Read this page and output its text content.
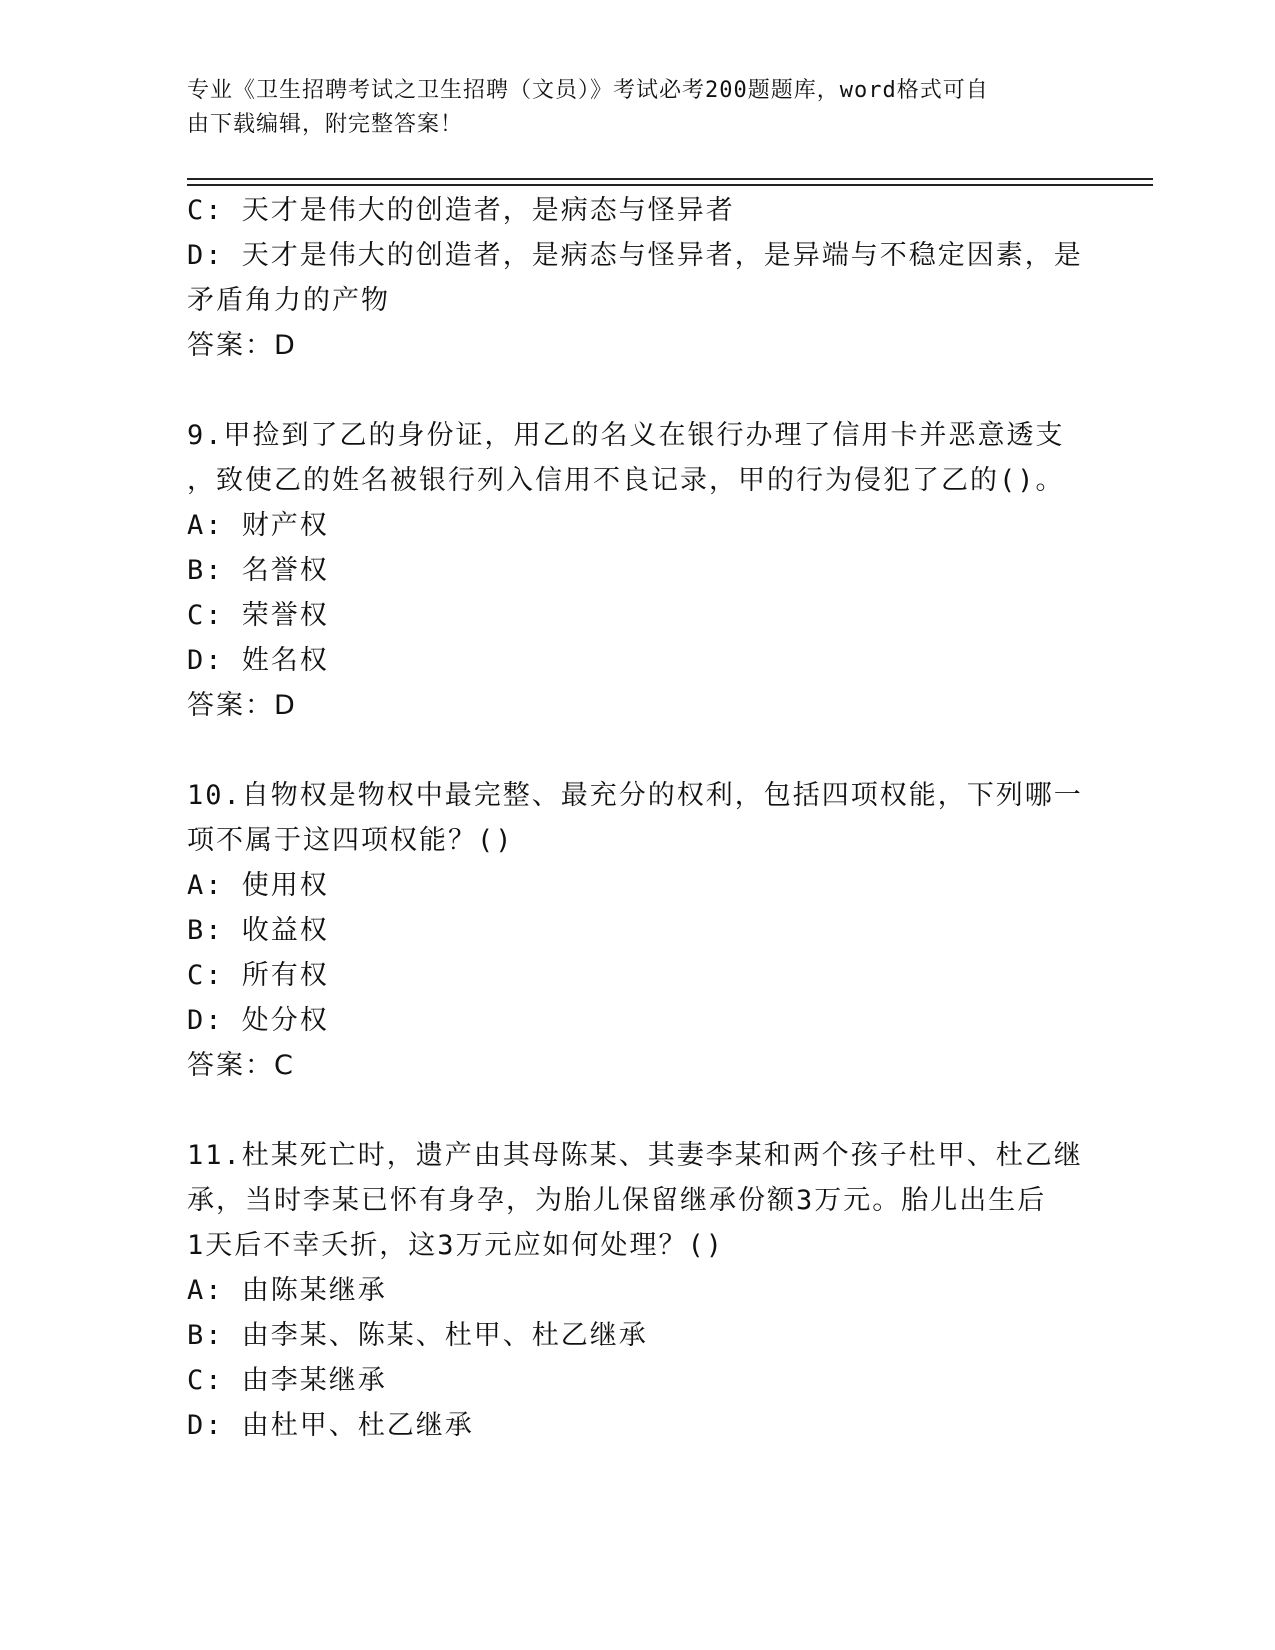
专业《卫生招聘考试之卫生招聘（文员）》考试必考200题题库，word格式可自
由下载编辑，附完整答案！
C: 天才是伟大的创造者，是病态与怪异者
D: 天才是伟大的创造者，是病态与怪异者，是异端与不稳定因素，是
矛盾角力的产物
答案：D
9.甲捡到了乙的身份证，用乙的名义在银行办理了信用卡并恶意透支
，致使乙的姓名被银行列入信用不良记录，甲的行为侵犯了乙的()。
A: 财产权
B: 名誉权
C: 荣誉权
D: 姓名权
答案：D
10.自物权是物权中最完整、最充分的权利，包括四项权能，下列哪一
项不属于这四项权能？()
A: 使用权
B: 收益权
C: 所有权
D: 处分权
答案：C
11.杜某死亡时，遗产由其母陈某、其妻李某和两个孩子杜甲、杜乙继
承，当时李某已怀有身孕，为胎儿保留继承份额3万元。胎儿出生后
1天后不幸夭折，这3万元应如何处理？()
A: 由陈某继承
B: 由李某、陈某、杜甲、杜乙继承
C: 由李某继承
D: 由杜甲、杜乙继承
